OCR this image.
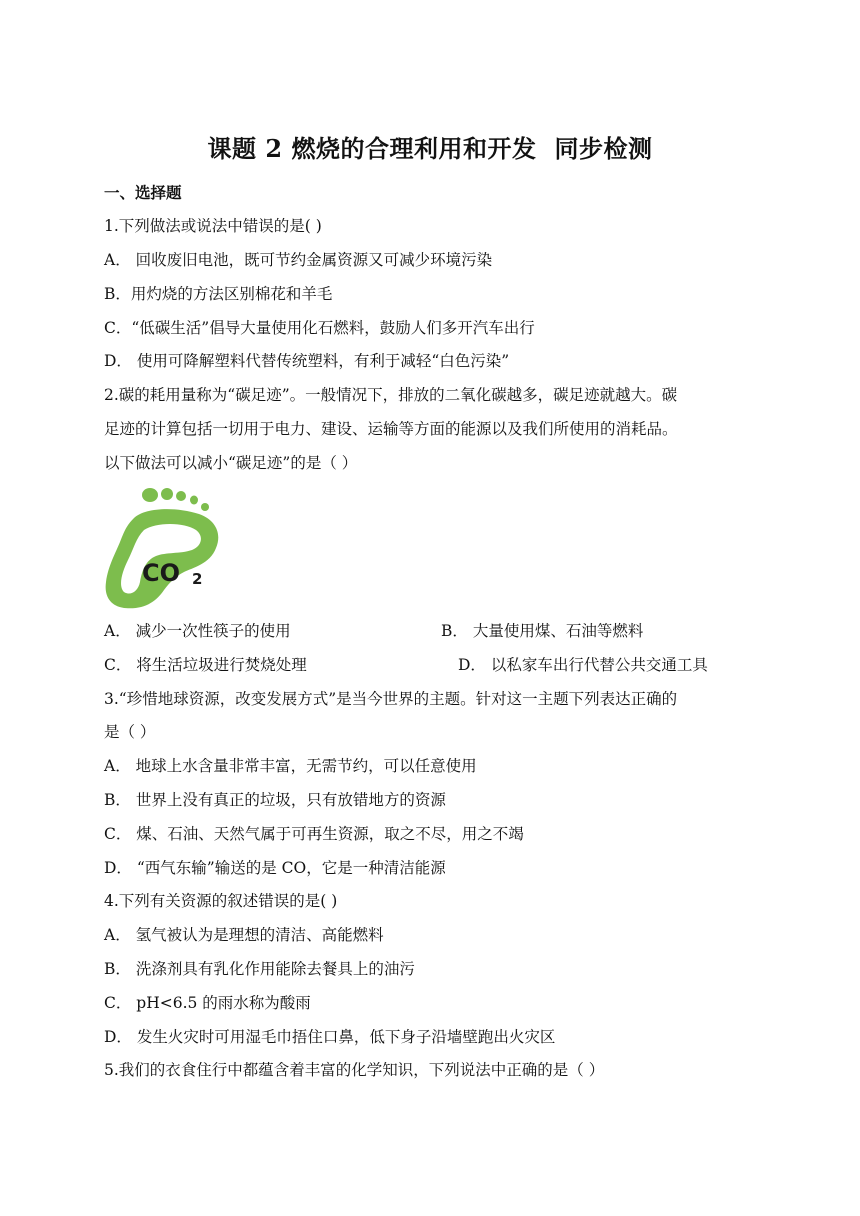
课题 2 燃烧的合理利用和开发 同步检测
一、选择题
1.下列做法或说法中错误的是( )
A． 回收废旧电池，既可节约金属资源又可减少环境污染
B．用灼烧的方法区别棉花和羊毛
C．“低碳生活”倡导大量使用化石燃料，鼓励人们多开汽车出行
D． 使用可降解塑料代替传统塑料，有利于减轻“白色污染”
2.碳的耗用量称为“碳足迹”。一般情况下，排放的二氧化碳越多，碳足迹就越大。碳
足迹的计算包括一切用于电力、建设、运输等方面的能源以及我们所使用的消耗品。
以下做法可以减小“碳足迹”的是（ ）
CO 2
A． 减少一次性筷子的使用	B． 大量使用煤、石油等燃料
C． 将生活垃圾进行焚烧处理	D． 以私家车出行代替公共交通工具
3.“珍惜地球资源，改变发展方式”是当今世界的主题。针对这一主题下列表达正确的
是（ ）
A． 地球上水含量非常丰富，无需节约，可以任意使用
B． 世界上没有真正的垃圾，只有放错地方的资源
C． 煤、石油、天然气属于可再生资源，取之不尽，用之不竭
D． “西气东输”输送的是 CO，它是一种清洁能源
4.下列有关资源的叙述错误的是( )
A． 氢气被认为是理想的清洁、高能燃料
B． 洗涤剂具有乳化作用能除去餐具上的油污
C． pH<6.5 的雨水称为酸雨
D． 发生火灾时可用湿毛巾捂住口鼻，低下身子沿墙壁跑出火灾区
5.我们的衣食住行中都蕴含着丰富的化学知识，下列说法中正确的是（ ）
